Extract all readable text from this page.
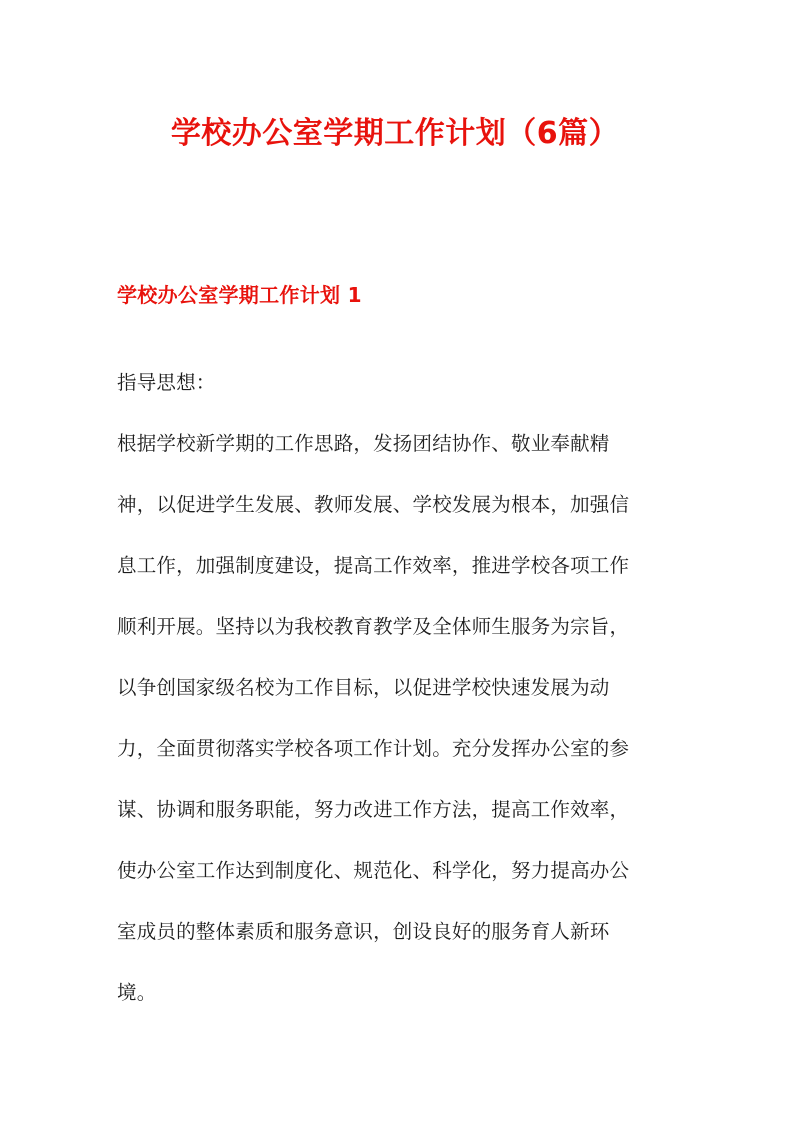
学校办公室学期工作计划（6篇）
学校办公室学期工作计划 1
指导思想：
根据学校新学期的工作思路，发扬团结协作、敬业奉献精
神，以促进学生发展、教师发展、学校发展为根本，加强信
息工作，加强制度建设，提高工作效率，推进学校各项工作
顺利开展。坚持以为我校教育教学及全体师生服务为宗旨，
以争创国家级名校为工作目标，以促进学校快速发展为动
力，全面贯彻落实学校各项工作计划。充分发挥办公室的参
谋、协调和服务职能，努力改进工作方法，提高工作效率，
使办公室工作达到制度化、规范化、科学化，努力提高办公
室成员的整体素质和服务意识，创设良好的服务育人新环
境。
